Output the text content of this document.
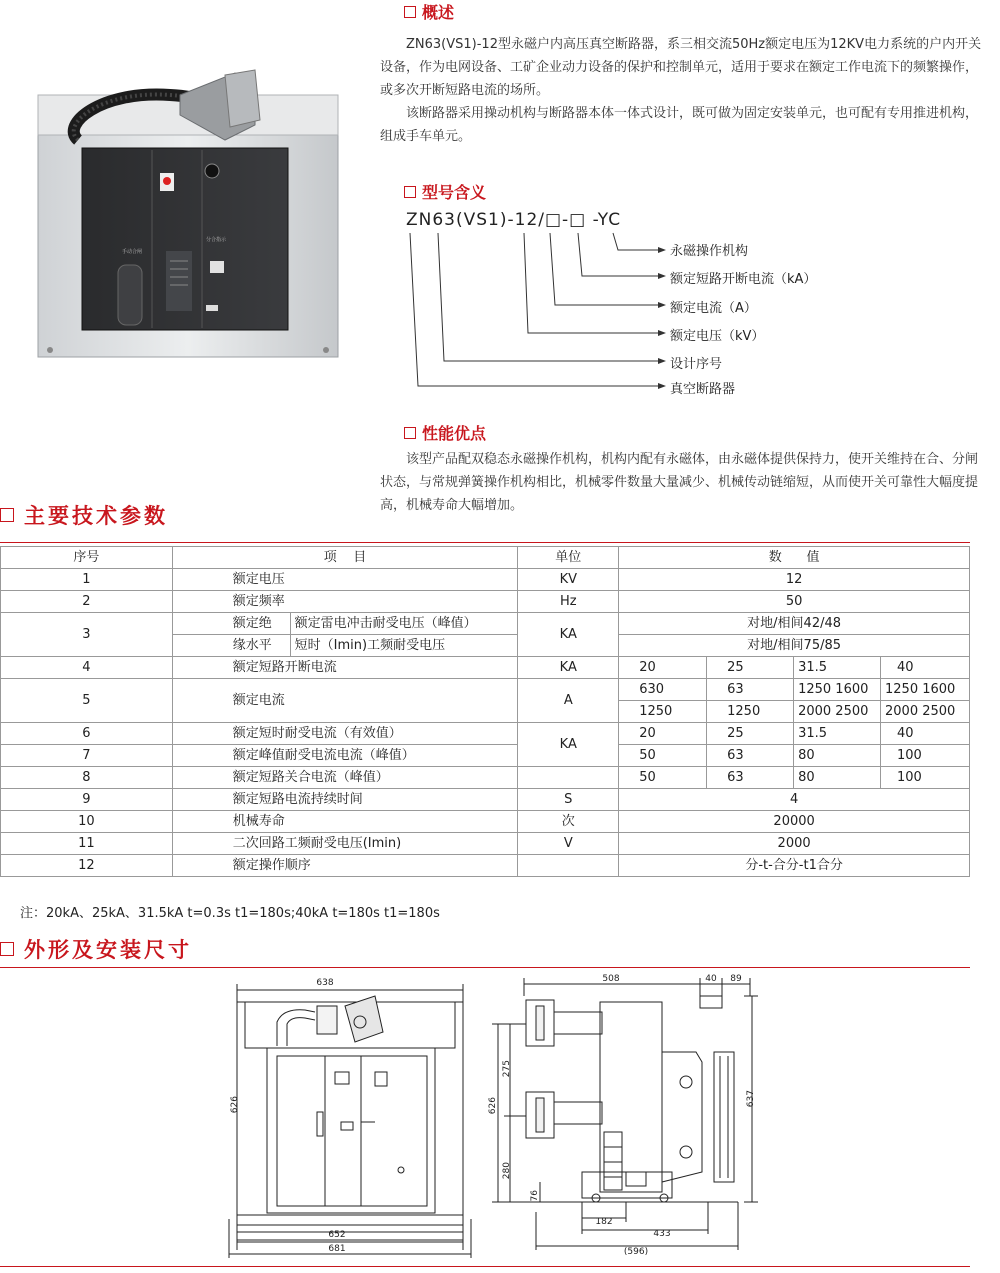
手动合闸
分合指示
概述

ZN63(VS1)-12型永磁户内高压真空断路器，系三相交流50Hz额定电压为12KV电力系统的户内开关设备，作为电网设备、工矿企业动力设备的保护和控制单元，适用于要求在额定工作电流下的频繁操作，或多次开断短路电流的场所。

该断路器采用操动机构与断路器本体一体式设计，既可做为固定安装单元，也可配有专用推进机构，组成手车单元。

型号含义
ZN63(VS1)-12/□-□ -YC
永磁操作机构
额定短路开断电流（kA）
额定电流（A）
额定电压（kV）
设计序号
真空断路器
性能优点

该型产品配双稳态永磁操作机构，机构内配有永磁体，由永磁体提供保持力，使开关维持在合、分闸状态，与常规弹簧操作机构相比，机械零件数量大量减少、机械传动链缩短，从而使开关可靠性大幅度提高，机械寿命大幅增加。

主要技术参数
序号	项    目		单位	数      值			
1	额定电压		KV	12			
2	额定频率		Hz	50			
3	额定绝	额定雷电冲击耐受电压（峰值）	KA	对地/相间42/48			
	缘水平	短时（Imin)工频耐受电压		对地/相间75/85			
4	额定短路开断电流		KA	20	25	31.5	40
5	额定电流		A	630	63	1250 1600	1250 1600
				1250	1250	2000 2500	2000 2500
6	额定短时耐受电流（有效值）		KA	20	25	31.5	40
7	额定峰值耐受电流电流（峰值）			50	63	80	100
8	额定短路关合电流（峰值）			50	63	80	100
9	额定短路电流持续时间		S	4			
10	机械寿命		次	20000			
11	二次回路工频耐受电压(Imin)		V	2000			
12	额定操作顺序			分-t-合分-t1合分			
注：20kA、25kA、31.5kA t=0.3s t1=180s;40kA t=180s t1=180s
外形及安装尺寸
638
652
681
626
508	40 89
182
433
(596)
626
275
280
76
637
